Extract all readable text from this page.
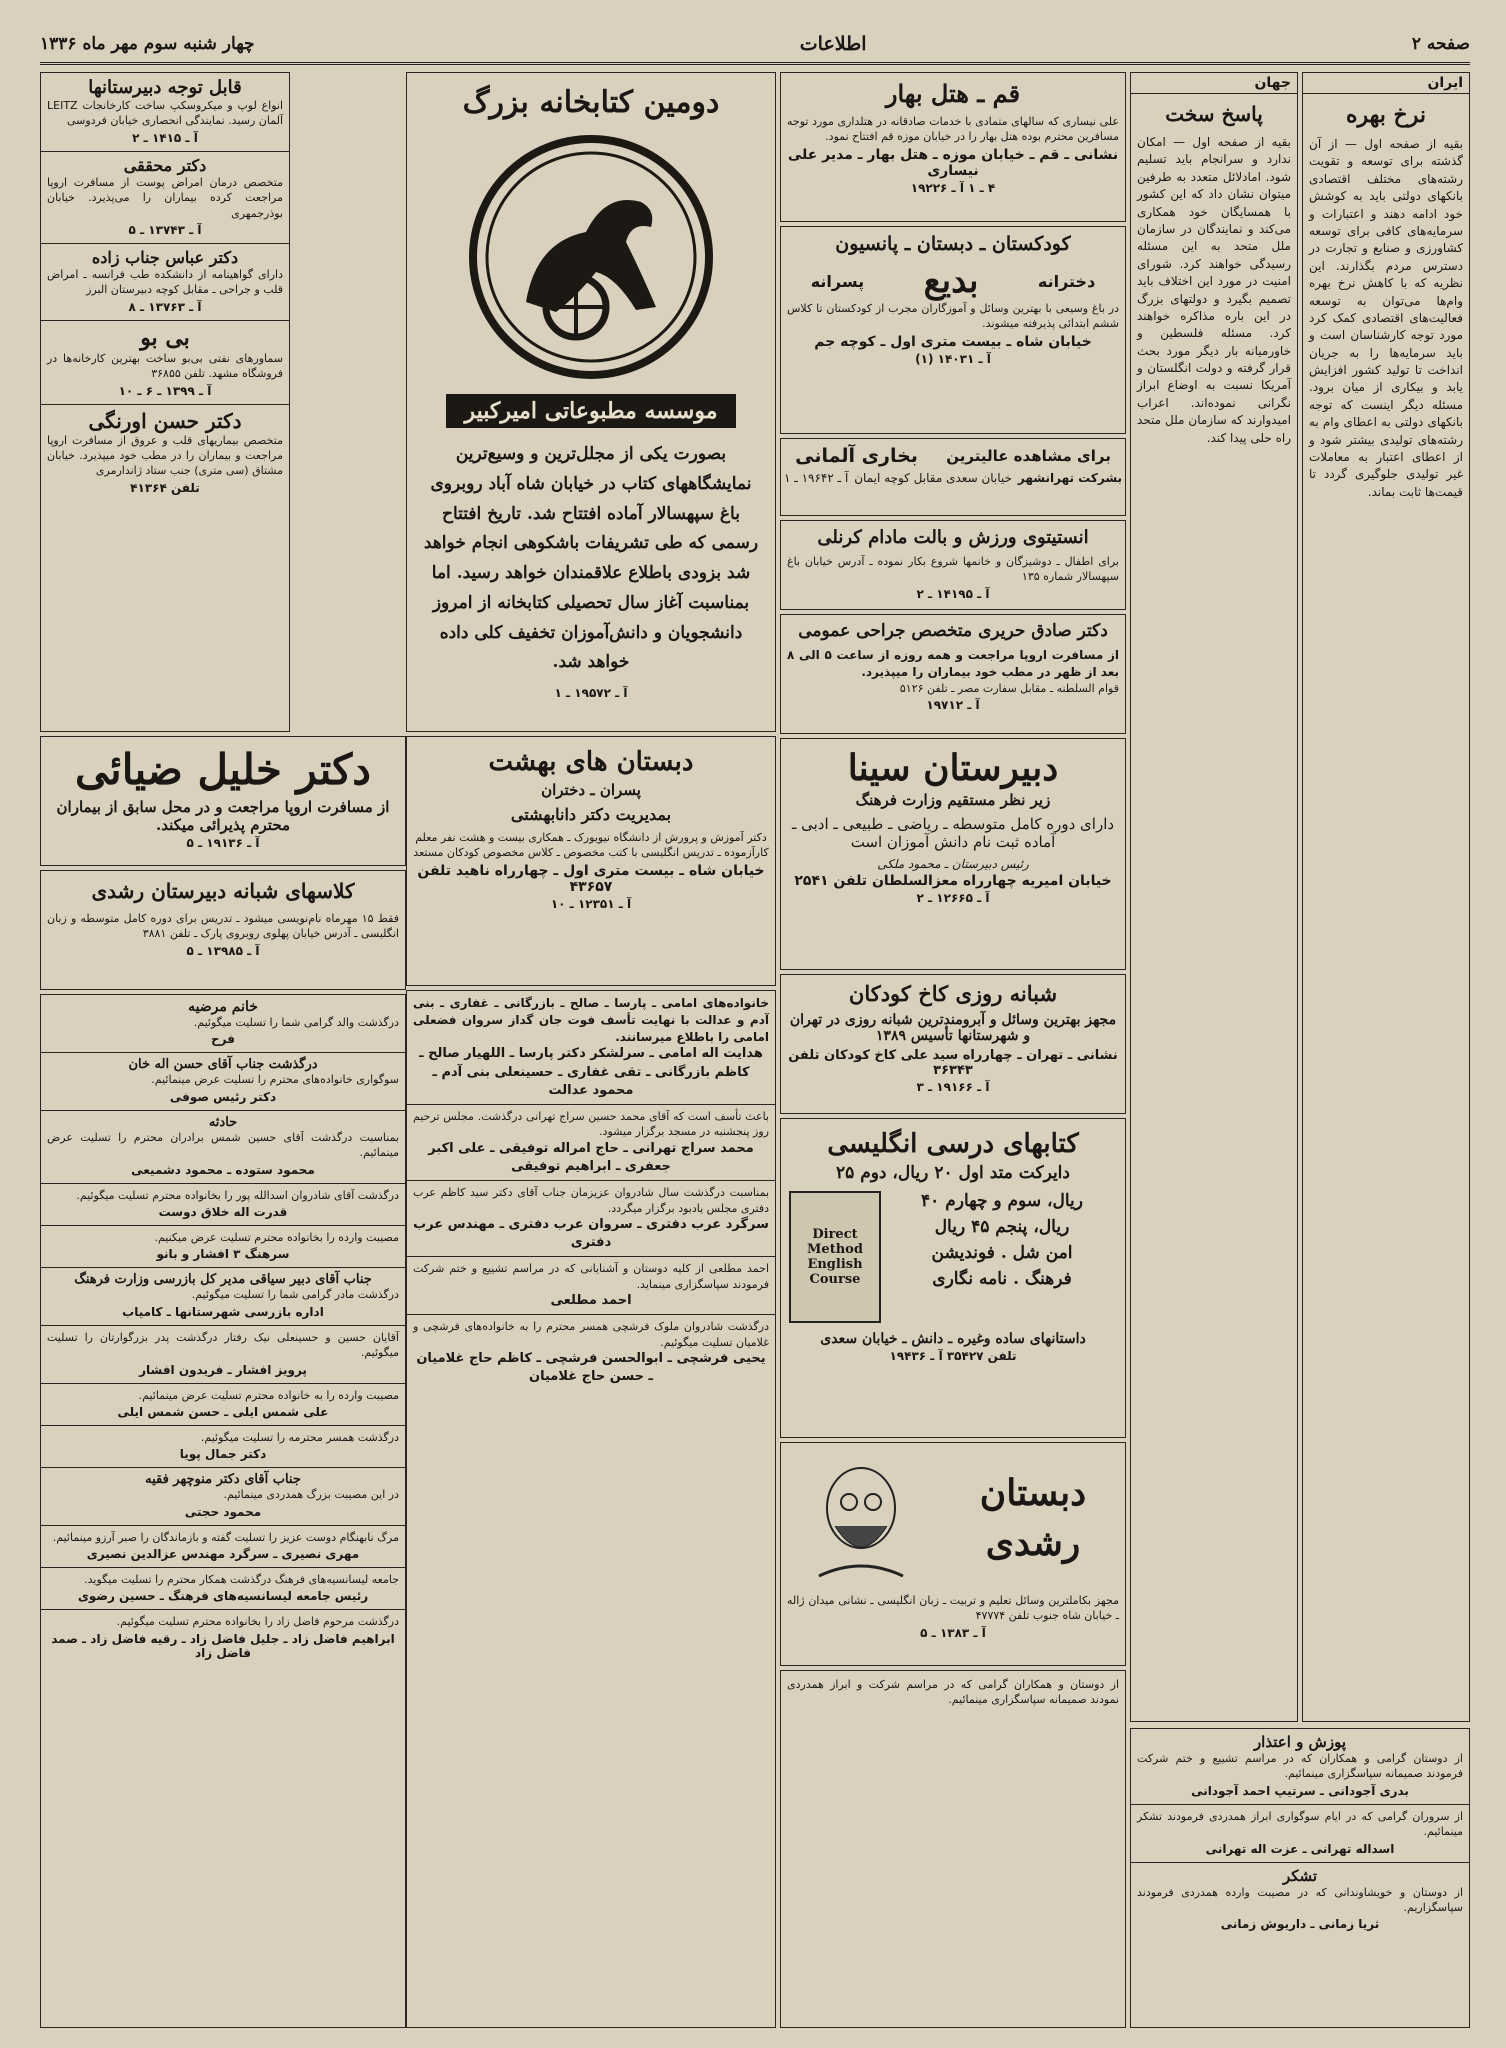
صفحه ۲
اطلاعات
چهار شنبه سوم مهر ماه ۱۳۳۶
ایران

نرخ بهره

بقیه از صفحه اول — از آن گذشته برای توسعه و تقویت رشته‌های مختلف اقتصادی بانکهای دولتی باید به کوشش خود ادامه دهند و اعتبارات و سرمایه‌های کافی برای توسعه کشاورزی و صنایع و تجارت در دسترس مردم بگذارند. این نظریه که با کاهش نرخ بهره وام‌ها می‌توان به توسعه فعالیت‌های اقتصادی کمک کرد مورد توجه کارشناسان است و باید سرمایه‌ها را به جریان انداخت تا تولید کشور افزایش یابد و بیکاری از میان برود. مسئله دیگر اینست که توجه بانکهای دولتی به اعطای وام به رشته‌های تولیدی بیشتر شود و از اعطای اعتبار به معاملات غیر تولیدی جلوگیری گردد تا قیمت‌ها ثابت بماند.

جهان

پاسخ سخت

بقیه از صفحه اول — امکان ندارد و سرانجام باید تسلیم شود. امادلائل متعدد به طرفین میتوان نشان داد که این کشور با همسایگان خود همکاری می‌کند و نمایندگان در سازمان ملل متحد به این مسئله رسیدگی خواهند کرد. شورای امنیت در مورد این اختلاف باید تصمیم بگیرد و دولتهای بزرگ در این باره مذاکره خواهند کرد. مسئله فلسطین و خاورمیانه بار دیگر مورد بحث قرار گرفته و دولت انگلستان و آمریکا نسبت به اوضاع ابراز نگرانی نموده‌اند. اعراب امیدوارند که سازمان ملل متحد راه حلی پیدا کند.

پوزش و اعتذار

از دوستان گرامی و همکاران که در مراسم تشییع و ختم شرکت فرمودند صمیمانه سپاسگزاری مینمائیم.

بدری آجودانی ـ سرتیپ احمد آجودانی

از سروران گرامی که در ایام سوگواری ابراز همدردی فرمودند تشکر مینمائیم.

اسداله تهرانی ـ عزت اله تهرانی

تشکر

از دوستان و خویشاوندانی که در مصیبت وارده همدردی فرمودند سپاسگزاریم.

ثریا زمانی ـ داریوش زمانی

قم ـ هتل بهار

علی نیساری که سالهای متمادی با خدمات صادقانه در هتلداری مورد توجه مسافرین محترم بوده هتل بهار را در خیابان موزه قم افتتاح نمود.

نشانی ـ قم ـ خیابان موزه ـ هتل بهار ـ مدیر علی نیساری

۴ ـ ۱ آ ـ ۱۹۲۲۶

کودکستان ـ دبستان ـ پانسیون

دخترانه
بدیع
پسرانه

در باغ وسیعی با بهترین وسائل و آموزگاران مجرب از کودکستان تا کلاس ششم ابتدائی پذیرفته میشوند.

خیابان شاه ـ بیست متری اول ـ کوچه جم

آ ـ ۱۴۰۳۱ (۱)

برای مشاهده عالیترین
بخاری آلمانی
بشرکت تهرانشهر
خیابان سعدی مقابل کوچه ایمان
آ ـ ۱۹۶۴۲ ـ ۱

انستیتوی ورزش و بالت مادام کرنلی

برای اطفال ـ دوشیزگان و خانمها شروع بکار نموده ـ آدرس خیابان باغ سپهسالار شماره ۱۳۵

آ ـ ۱۴۱۹۵ ـ ۲

دکتر صادق حریری متخصص جراحی عمومی

از مسافرت اروپا مراجعت و همه روزه از ساعت ۵ الی ۸ بعد از ظهر در مطب خود بیماران را میپذیرد.

قوام السلطنه ـ مقابل سفارت مصر ـ تلفن ۵۱۲۶

آ ـ ۱۹۷۱۲

دبیرستان سینا

زیر نظر مستقیم وزارت فرهنگ

دارای دوره کامل متوسطه ـ ریاضی ـ طبیعی ـ ادبی ـ آماده ثبت نام دانش آموزان است

رئیس دبیرستان ـ محمود ملکی

خیابان امیریه چهارراه معزالسلطان تلفن ۲۵۴۱

آ ـ ۱۲۶۶۵ ـ ۲

شبانه روزی کاخ کودکان

مجهز بهترین وسائل و آبرومندترین شبانه روزی در تهران و شهرستانها تأسیس ۱۳۸۹

نشانی ـ تهران ـ چهارراه سید علی کاخ کودکان تلفن ۳۶۳۴۳

آ ـ ۱۹۱۶۶ ـ ۳

کتابهای درسی انگلیسی

دایرکت متد اول ۲۰ ریال، دوم ۲۵

ریال، سوم و چهارم ۴۰

ریال، پنجم ۴۵ ریال

امن شل . فوندیشن

فرهنگ . نامه نگاری

Direct Method English Course

داستانهای ساده وغیره ـ دانش ـ خیابان سعدی

تلفن ۳۵۴۲۷ آ ـ ۱۹۴۳۶

دبستان رشدی

مجهز بکاملترین وسائل تعلیم و تربیت ـ زبان انگلیسی ـ نشانی میدان ژاله ـ خیابان شاه جنوب تلفن ۴۷۷۷۴

آ ـ ۱۳۸۳ ـ ۵

از دوستان و همکاران گرامی که در مراسم شرکت و ابراز همدردی نمودند صمیمانه سپاسگزاری مینمائیم.

دومین کتابخانه بزرگ

موسسه مطبوعاتی امیرکبیر

بصورت یکی از مجلل‌ترین و وسیع‌ترین نمایشگاههای کتاب در خیابان شاه آباد روبروی باغ سپهسالار آماده افتتاح شد. تاریخ افتتاح رسمی که طی تشریفات باشکوهی انجام خواهد شد بزودی باطلاع علاقمندان خواهد رسید. اما بمناسبت آغاز سال تحصیلی کتابخانه از امروز دانشجویان و دانش‌آموزان تخفیف کلی داده خواهد شد.

آ ـ ۱۹۵۷۲ ـ ۱

دبستان های بهشت

پسران ـ دختران

بمدیریت دکتر دانابهشتی

دکتر آموزش و پرورش از دانشگاه نیویورک ـ همکاری بیست و هشت نفر معلم کارآزموده ـ تدریس انگلیسی با کتب مخصوص ـ کلاس مخصوص کودکان مستعد

خیابان شاه ـ بیست متری اول ـ چهارراه ناهید تلفن ۴۳۶۵۷

آ ـ ۱۲۳۵۱ ـ ۱۰

خانواده‌های امامی ـ پارسا ـ صالح ـ بازرگانی ـ غفاری ـ بنی آدم و عدالت با نهایت تأسف فوت جان گداز سروان فضعلی امامی را باطلاع میرسانند.

هدایت اله امامی ـ سرلشکر دکتر پارسا ـ اللهیار صالح ـ کاظم بازرگانی ـ تقی غفاری ـ حسینعلی بنی آدم ـ محمود عدالت

باعث تأسف است که آقای محمد حسین سراج تهرانی درگذشت. مجلس ترحیم روز پنجشنبه در مسجد برگزار میشود.

محمد سراج تهرانی ـ حاج امراله توفیقی ـ علی اکبر جعفری ـ ابراهیم توفیقی

بمناسبت درگذشت سال شادروان عزیزمان جناب آقای دکتر سید کاظم عرب دفتری مجلس یادبود برگزار میگردد.

سرگرد عرب دفتری ـ سروان عرب دفتری ـ مهندس عرب دفتری

احمد مطلعی از کلیه دوستان و آشنایانی که در مراسم تشییع و ختم شرکت فرمودند سپاسگزاری مینماید.

احمد مطلعی

درگذشت شادروان ملوک فرشچی همسر محترم را به خانواده‌های فرشچی و غلامیان تسلیت میگوئیم.

یحیی فرشچی ـ ابوالحسن فرشچی ـ کاظم حاج غلامیان ـ حسن حاج غلامیان

قابل توجه دبیرستانها

انواع لوپ و میکروسکپ ساخت کارخانجات LEITZ آلمان رسید. نمایندگی انحصاری خیابان فردوسی

آ ـ ۱۴۱۵ ـ ۲

دکتر محققی

متخصص درمان امراض پوست از مسافرت اروپا مراجعت کرده بیماران را می‌پذیرد. خیابان بوذرجمهری

آ ـ ۱۳۷۴۳ ـ ۵

دکتر عباس جناب زاده

دارای گواهینامه از دانشکده طب فرانسه ـ امراض قلب و جراحی ـ مقابل کوچه دبیرستان البرز

آ ـ ۱۳۷۶۳ ـ ۸

بی بو

سماورهای نفتی بی‌بو ساخت بهترین کارخانه‌ها در فروشگاه مشهد. تلفن ۳۶۸۵۵

آ ـ ۱۳۹۹ ـ ۶ ـ ۱۰

دکتر حسن اورنگی

متخصص بیماریهای قلب و عروق از مسافرت اروپا مراجعت و بیماران را در مطب خود میپذیرد. خیابان مشتاق (سی متری) جنب ستاد ژاندارمری

تلفن ۴۱۳۶۴

دکتر خلیل ضیائی

از مسافرت اروپا مراجعت و در محل سابق از بیماران محترم پذیرائی میکند.

آ ـ ۱۹۱۳۶ ـ ۵

کلاسهای شبانه دبیرستان رشدی

فقط ۱۵ مهرماه نام‌نویسی میشود ـ تدریس برای دوره کامل متوسطه و زبان انگلیسی ـ آدرس خیابان پهلوی روبروی پارک ـ تلفن ۳۸۸۱

آ ـ ۱۳۹۸۵ ـ ۵

خانم مرضیه

درگذشت والد گرامی شما را تسلیت میگوئیم.

فرح

درگذشت جناب آقای حسن اله خان

سوگواری خانواده‌های محترم را تسلیت عرض مینمائیم.

دکتر رئیس صوفی

حادثه

بمناسبت درگذشت آقای حسین شمس برادران محترم را تسلیت عرض مینمائیم.

محمود ستوده ـ محمود دشمیعی

درگذشت آقای شادروان اسدالله پور را بخانواده محترم تسلیت میگوئیم.

قدرت اله خلاق دوست

مصیبت وارده را بخانواده محترم تسلیت عرض میکنیم.

سرهنگ ۳ افشار و بانو

جناب آقای دبیر سیاقی مدیر کل بازرسی وزارت فرهنگ

درگذشت مادر گرامی شما را تسلیت میگوئیم.

اداره بازرسی شهرستانها ـ کامیاب

آقایان حسین و حسینعلی نیک رفتار درگذشت پدر بزرگوارتان را تسلیت میگوئیم.

پرویز افشار ـ فریدون افشار

مصیبت وارده را به خانواده محترم تسلیت عرض مینمائیم.

علی شمس ایلی ـ حسن شمس ایلی

درگذشت همسر محترمه را تسلیت میگوئیم.

دکتر جمال پویا

جناب آقای دکتر منوچهر فقیه

در این مصیبت بزرگ همدردی مینمائیم.

محمود حجتی

مرگ نابهنگام دوست عزیز را تسلیت گفته و بازماندگان را صبر آرزو مینمائیم.

مهری نصیری ـ سرگرد مهندس عزالدین نصیری

جامعه لیسانسیه‌های فرهنگ درگذشت همکار محترم را تسلیت میگوید.

رئیس جامعه لیسانسیه‌های فرهنگ ـ حسین رضوی

درگذشت مرحوم فاضل زاد را بخانواده محترم تسلیت میگوئیم.

ابراهیم فاضل زاد ـ جلیل فاضل زاد ـ رقیه فاضل زاد ـ صمد فاضل زاد
